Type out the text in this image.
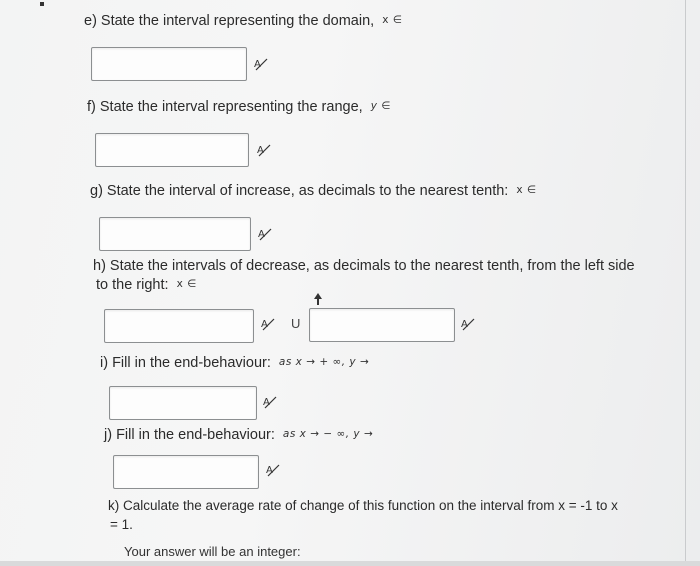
e) State the interval representing the domain, x ∈
A
f) State the interval representing the range, y ∈
A
g) State the interval of increase, as decimals to the nearest tenth: x ∈
A
h) State the intervals of decrease, as decimals to the nearest tenth, from the left side
to the right: x ∈
A U	A
i) Fill in the end-behaviour: as x → + ∞, y →
A
j) Fill in the end-behaviour: as x → − ∞, y →
A
k) Calculate the average rate of change of this function on the interval from x = -1 to x
= 1.
Your answer will be an integer:
